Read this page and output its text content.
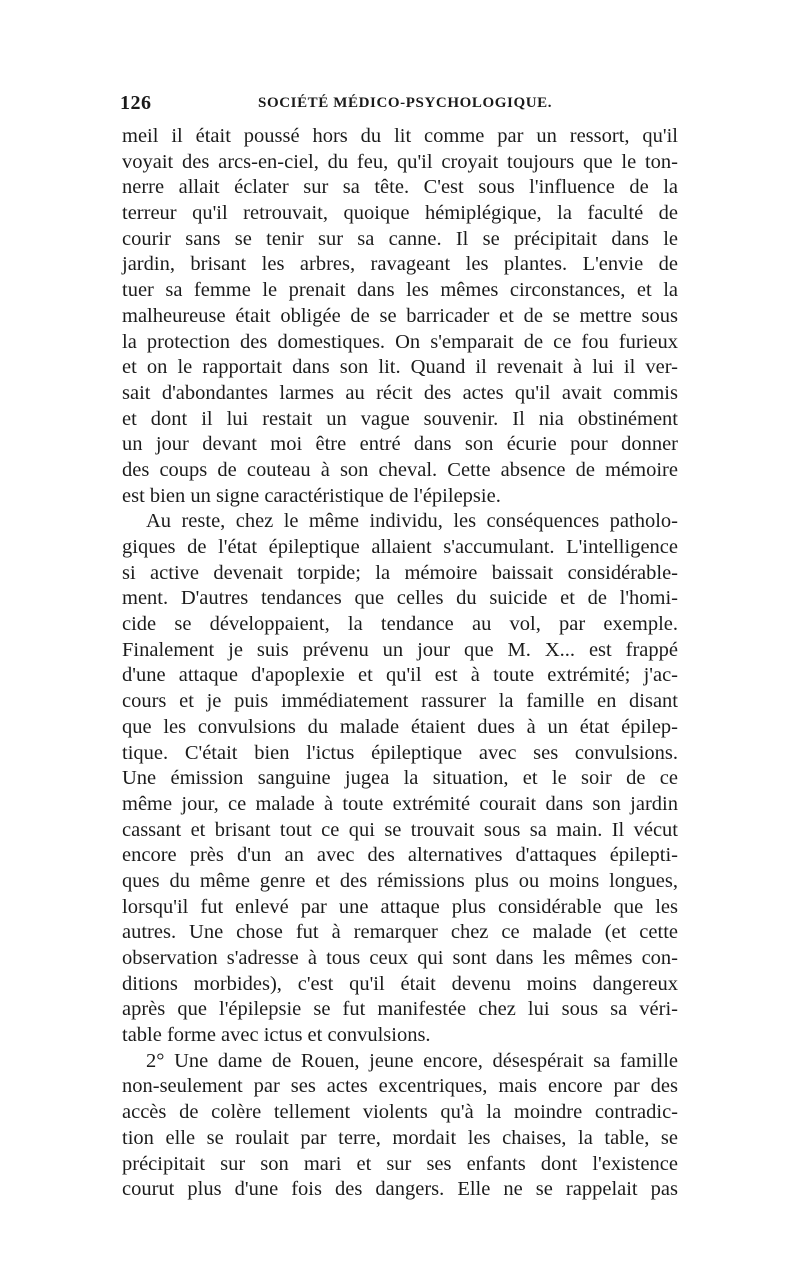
126	SOCIÉTÉ MÉDICO-PSYCHOLOGIQUE.
meil il était poussé hors du lit comme par un ressort, qu'il
voyait des arcs-en-ciel, du feu, qu'il croyait toujours que le ton-
nerre allait éclater sur sa tête. C'est sous l'influence de la
terreur qu'il retrouvait, quoique hémiplégique, la faculté de
courir sans se tenir sur sa canne. Il se précipitait dans le
jardin, brisant les arbres, ravageant les plantes. L'envie de
tuer sa femme le prenait dans les mêmes circonstances, et la
malheureuse était obligée de se barricader et de se mettre sous
la protection des domestiques. On s'emparait de ce fou furieux
et on le rapportait dans son lit. Quand il revenait à lui il ver-
sait d'abondantes larmes au récit des actes qu'il avait commis
et dont il lui restait un vague souvenir. Il nia obstinément
un jour devant moi être entré dans son écurie pour donner
des coups de couteau à son cheval. Cette absence de mémoire
est bien un signe caractéristique de l'épilepsie.
Au reste, chez le même individu, les conséquences patholo-
giques de l'état épileptique allaient s'accumulant. L'intelligence
si active devenait torpide; la mémoire baissait considérable-
ment. D'autres tendances que celles du suicide et de l'homi-
cide se développaient, la tendance au vol, par exemple.
Finalement je suis prévenu un jour que M. X... est frappé
d'une attaque d'apoplexie et qu'il est à toute extrémité; j'ac-
cours et je puis immédiatement rassurer la famille en disant
que les convulsions du malade étaient dues à un état épilep-
tique. C'était bien l'ictus épileptique avec ses convulsions.
Une émission sanguine jugea la situation, et le soir de ce
même jour, ce malade à toute extrémité courait dans son jardin
cassant et brisant tout ce qui se trouvait sous sa main. Il vécut
encore près d'un an avec des alternatives d'attaques épilepti-
ques du même genre et des rémissions plus ou moins longues,
lorsqu'il fut enlevé par une attaque plus considérable que les
autres. Une chose fut à remarquer chez ce malade (et cette
observation s'adresse à tous ceux qui sont dans les mêmes con-
ditions morbides), c'est qu'il était devenu moins dangereux
après que l'épilepsie se fut manifestée chez lui sous sa véri-
table forme avec ictus et convulsions.
2° Une dame de Rouen, jeune encore, désespérait sa famille
non-seulement par ses actes excentriques, mais encore par des
accès de colère tellement violents qu'à la moindre contradic-
tion elle se roulait par terre, mordait les chaises, la table, se
précipitait sur son mari et sur ses enfants dont l'existence
courut plus d'une fois des dangers. Elle ne se rappelait pas
